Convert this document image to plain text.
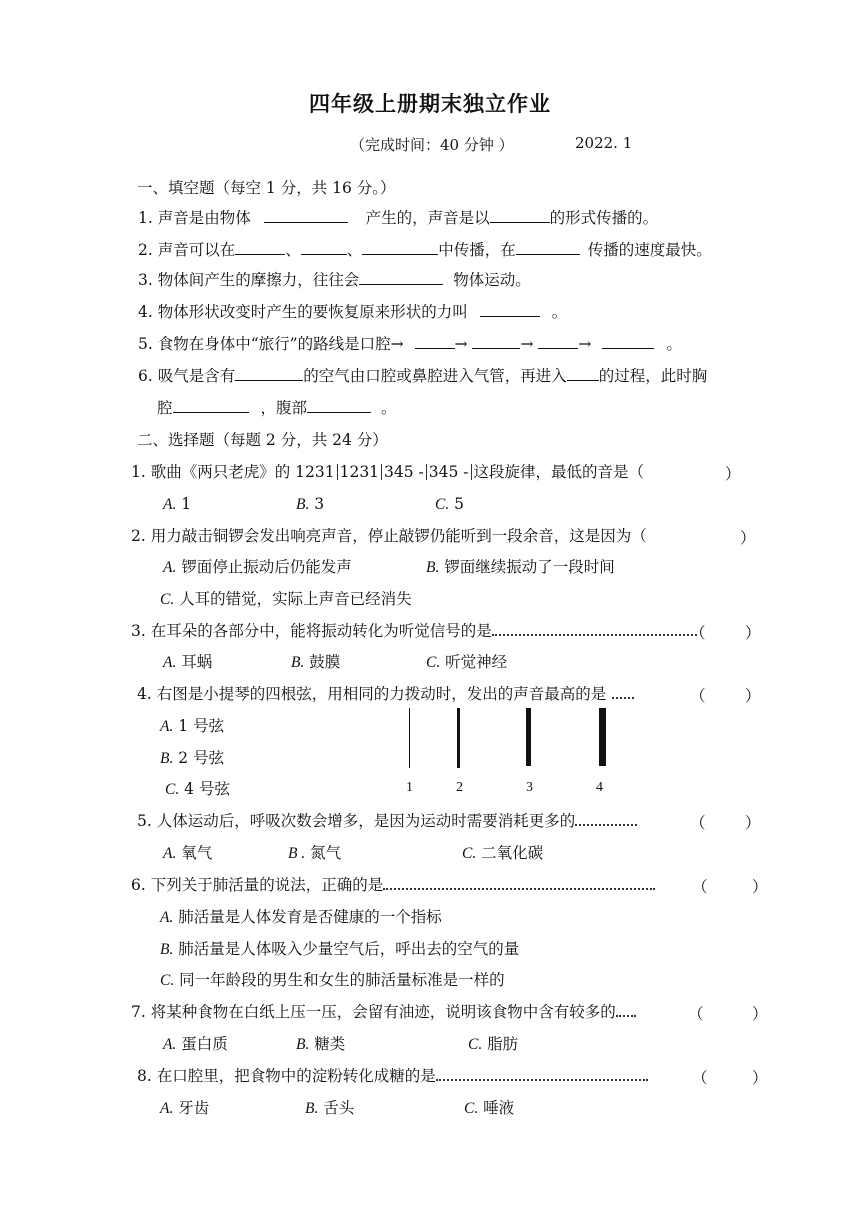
四年级上册期末独立作业
（完成时间：40 分钟 ）	2022. 1
一、填空题（每空 1 分，共 16 分。）
1. 声音是由物体	产生的，声音是以	的形式传播的。
2. 声音可以在	、	、	中传播，在	传播的速度最快。
3. 物体间产生的摩擦力，往往会	物体运动。
4. 物体形状改变时产生的要恢复原来形状的力叫	。
5. 食物在身体中“旅行”的路线是口腔→	→	→	→	。
6. 吸气是含有	的空气由口腔或鼻腔进入气管，再进入 的过程，此时胸
腔	，腹部	。
二、选择题（每题 2 分，共 24 分）
1. 歌曲《两只老虎》的 1231 1231 345 - 345 - 这段旋律，最低的音是（	）
A. 1	B. 3	C. 5
2. 用力敲击铜锣会发出响亮声音，停止敲锣仍能听到一段余音，这是因为（	）
A. 锣面停止振动后仍能发声	B. 锣面继续振动了一段时间
C. 人耳的错觉，实际上声音已经消失
3. 在耳朵的各部分中，能将振动转化为听觉信号的是	（	）
A. 耳蜗	B. 鼓膜	C. 听觉神经
4. 右图是小提琴的四根弦，用相同的力拨动时，发出的声音最高的是	（	）
A. 1 号弦
B. 2 号弦
C. 4 号弦	1	2	3	4
5. 人体运动后，呼吸次数会增多，是因为运动时需要消耗更多的	（	）
A. 氧气	B . 氮气	C. 二氧化碳
6. 下列关于肺活量的说法，正确的是	（	）
A. 肺活量是人体发育是否健康的一个指标
B. 肺活量是人体吸入少量空气后，呼出去的空气的量
C. 同一年龄段的男生和女生的肺活量标准是一样的
7. 将某种食物在白纸上压一压，会留有油迹，说明该食物中含有较多的	（	）
A. 蛋白质	B. 糖类	C. 脂肪
8. 在口腔里，把食物中的淀粉转化成糖的是	（	）
A. 牙齿	B. 舌头	C. 唾液
